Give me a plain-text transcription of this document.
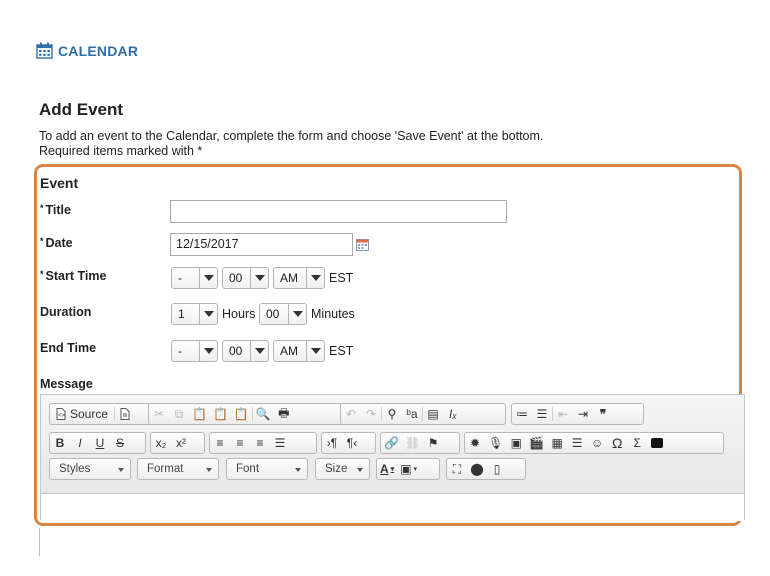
CALENDAR
Add Event
To add an event to the Calendar, complete the form and choose 'Save Event' at the bottom.
Required items marked with *
Event
* Title
* Date	12/15/2017
* Start Time	-	00	AM	EST
Duration	1	Hours 00	Minutes
End Time	-	00	AM	EST
Message
<> Source	✂ ⧉ 📋 📋 📋 🔍 🖶	↶ ↷ ⚲ ᵇa ▤ Iₓ	≔ ☰ ⇤ ⇥ ❞
B	I	U S	x₂ x²	≡ ≡ ≡ ☰	›¶ ¶‹ 🔗 ⛓ ⚑	✹ 🎙 ▣ 🎬 ▦ ☰ ☺ Ω Σ
Styles	Format	Font	Size	A ▾ ▣ ▾	⛶ ⬤ ▯
